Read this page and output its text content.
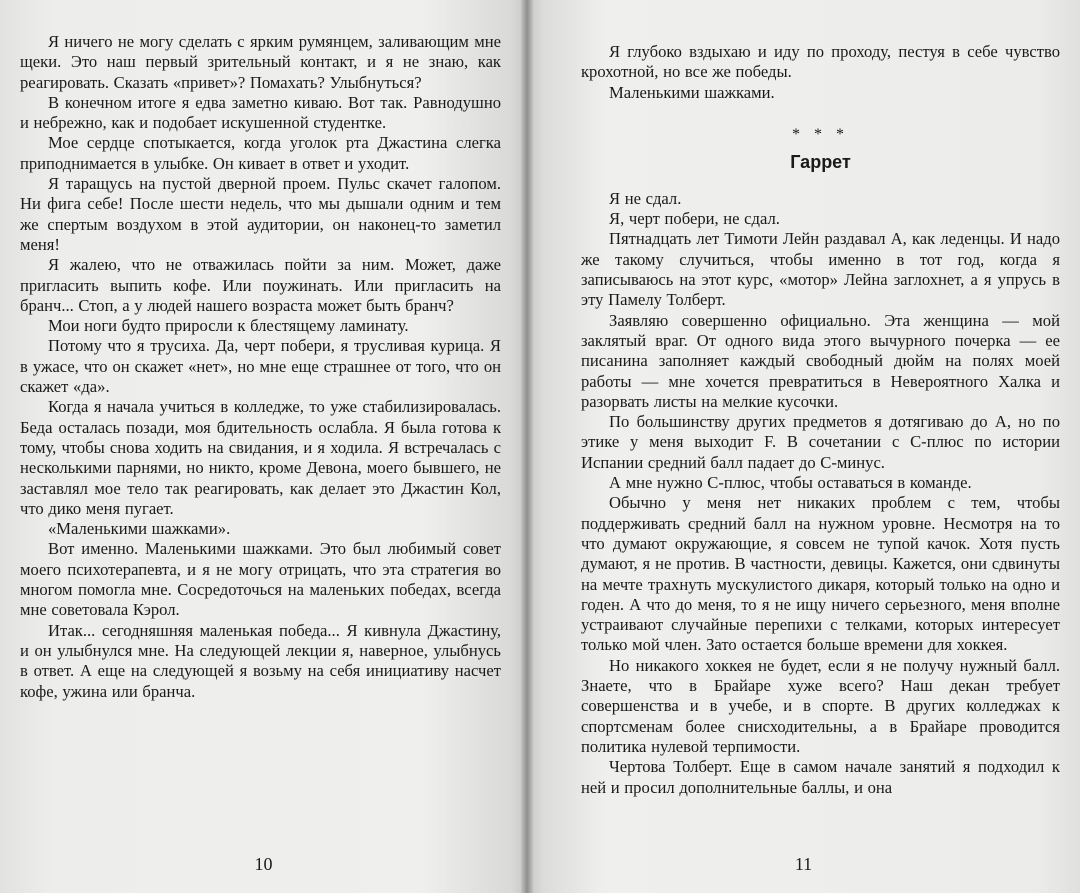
Я ничего не могу сделать с ярким румянцем, заливающим мне щеки. Это наш первый зрительный контакт, и я не знаю, как реагировать. Сказать «привет»? Помахать? Улыбнуться?

В конечном итоге я едва заметно киваю. Вот так. Равнодушно и небрежно, как и подобает искушенной студентке.

Мое сердце спотыкается, когда уголок рта Джастина слегка приподнимается в улыбке. Он кивает в ответ и уходит.

Я таращусь на пустой дверной проем. Пульс скачет галопом. Ни фига себе! После шести недель, что мы дышали одним и тем же спертым воздухом в этой аудитории, он наконец-то заметил меня!

Я жалею, что не отважилась пойти за ним. Может, даже пригласить выпить кофе. Или поужинать. Или пригласить на бранч... Стоп, а у людей нашего возраста может быть бранч?

Мои ноги будто приросли к блестящему ламинату.

Потому что я трусиха. Да, черт побери, я трусливая курица. Я в ужасе, что он скажет «нет», но мне еще страшнее от того, что он скажет «да».

Когда я начала учиться в колледже, то уже стабилизировалась. Беда осталась позади, моя бдительность ослабла. Я была готова к тому, чтобы снова ходить на свидания, и я ходила. Я встречалась с несколькими парнями, но никто, кроме Девона, моего бывшего, не заставлял мое тело так реагировать, как делает это Джастин Кол, что дико меня пугает.

«Маленькими шажками».

Вот именно. Маленькими шажками. Это был любимый совет моего психотерапевта, и я не могу отрицать, что эта стратегия во многом помогла мне. Сосредоточься на маленьких победах, всегда мне советовала Кэрол.

Итак... сегодняшняя маленькая победа... Я кивнула Джастину, и он улыбнулся мне. На следующей лекции я, наверное, улыбнусь в ответ. А еще на следующей я возьму на себя инициативу насчет кофе, ужина или бранча.

10

Я глубоко вздыхаю и иду по проходу, пестуя в себе чувство крохотной, но все же победы.

Маленькими шажками.

* * *
Гаррет

Я не сдал.

Я, черт побери, не сдал.

Пятнадцать лет Тимоти Лейн раздавал A, как леденцы. И надо же такому случиться, чтобы именно в тот год, когда я записываюсь на этот курс, «мотор» Лейна заглохнет, а я упрусь в эту Памелу Толберт.

Заявляю совершенно официально. Эта женщина — мой заклятый враг. От одного вида этого вычурного почерка — ее писанина заполняет каждый свободный дюйм на полях моей работы — мне хочется превратиться в Невероятного Халка и разорвать листы на мелкие кусочки.

По большинству других предметов я дотягиваю до A, но по этике у меня выходит F. В сочетании с C-плюс по истории Испании средний балл падает до C-минус.

А мне нужно C-плюс, чтобы оставаться в команде.

Обычно у меня нет никаких проблем с тем, чтобы поддерживать средний балл на нужном уровне. Несмотря на то что думают окружающие, я совсем не тупой качок. Хотя пусть думают, я не против. В частности, девицы. Кажется, они сдвинуты на мечте трахнуть мускулистого дикаря, который только на одно и годен. А что до меня, то я не ищу ничего серьезного, меня вполне устраивают случайные перепихи с телками, которых интересует только мой член. Зато остается больше времени для хоккея.

Но никакого хоккея не будет, если я не получу нужный балл. Знаете, что в Брайаре хуже всего? Наш декан требует совершенства и в учебе, и в спорте. В других колледжах к спортсменам более снисходительны, а в Брайаре проводится политика нулевой терпимости.

Чертова Толберт. Еще в самом начале занятий я подходил к ней и просил дополнительные баллы, и она

11
